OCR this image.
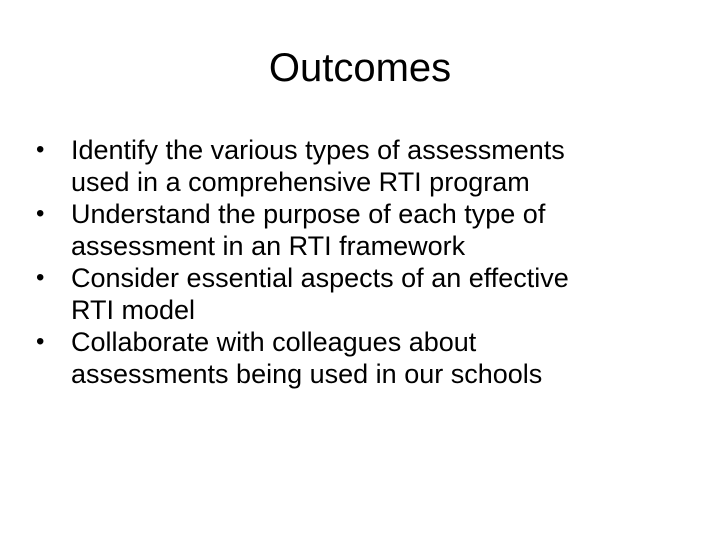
Outcomes
• Identify the various types of assessments
used in a comprehensive RTI program
• Understand the purpose of each type of
assessment in an RTI framework
• Consider essential aspects of an effective
RTI model
• Collaborate with colleagues about
assessments being used in our schools
